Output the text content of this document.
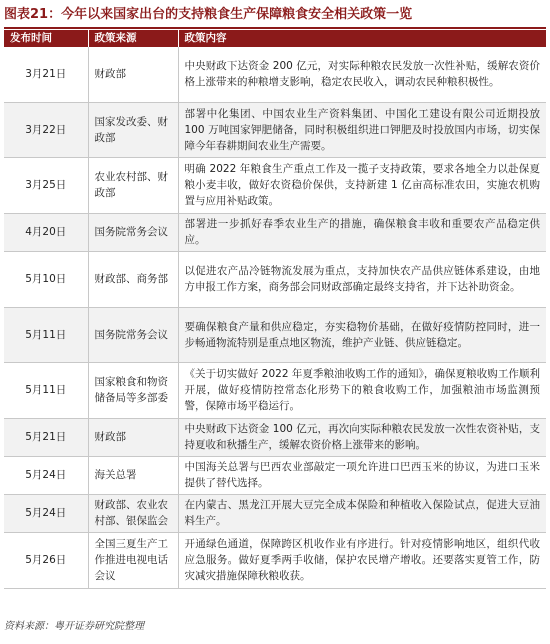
图表21：今年以来国家出台的支持粮食生产保障粮食安全相关政策一览
发布时间	政策来源	政策内容
3月21日	财政部	中央财政下达资金 200 亿元，对实际种粮农民发放一次性补贴，缓解农资价格上涨带来的种粮增支影响，稳定农民收入，调动农民种粮积极性。
3月22日	国家发改委、财政部	部署中化集团、中国农业生产资料集团、中国化工建设有限公司近期投放 100 万吨国家钾肥储备，同时积极组织进口钾肥及时投放国内市场，切实保障今年春耕期间农业生产需要。
3月25日	农业农村部、财政部	明确 2022 年粮食生产重点工作及一揽子支持政策，要求各地全力以赴保夏粮小麦丰收，做好农资稳价保供，支持新建 1 亿亩高标准农田，实施农机购置与应用补贴政策。
4月20日	国务院常务会议	部署进一步抓好春季农业生产的措施，确保粮食丰收和重要农产品稳定供应。
5月10日	财政部、商务部	以促进农产品冷链物流发展为重点，支持加快农产品供应链体系建设，由地方申报工作方案，商务部会同财政部确定最终支持省，并下达补助资金。
5月11日	国务院常务会议	要确保粮食产量和供应稳定，夯实稳物价基础，在做好疫情防控同时，进一步畅通物流特别是重点地区物流，维护产业链、供应链稳定。
5月11日	国家粮食和物资储备局等多部委	《关于切实做好 2022 年夏季粮油收购工作的通知》，确保夏粮收购工作顺利开展，做好疫情防控常态化形势下的粮食收购工作，加强粮油市场监测预警，保障市场平稳运行。
5月21日	财政部	中央财政下达资金 100 亿元，再次向实际种粮农民发放一次性农资补贴，支持夏收和秋播生产，缓解农资价格上涨带来的影响。
5月24日	海关总署	中国海关总署与巴西农业部敲定一项允许进口巴西玉米的协议，为进口玉米提供了替代选择。
5月24日	财政部、农业农村部、银保监会	在内蒙古、黑龙江开展大豆完全成本保险和种植收入保险试点，促进大豆油料生产。
5月26日	全国三夏生产工作推进电视电话会议	开通绿色通道，保障跨区机收作业有序进行。针对疫情影响地区，组织代收应急服务。做好夏季两手收储，保护农民增产增收。还要落实夏管工作，防灾减灾措施保障秋粮收获。
资料来源：粤开证券研究院整理
